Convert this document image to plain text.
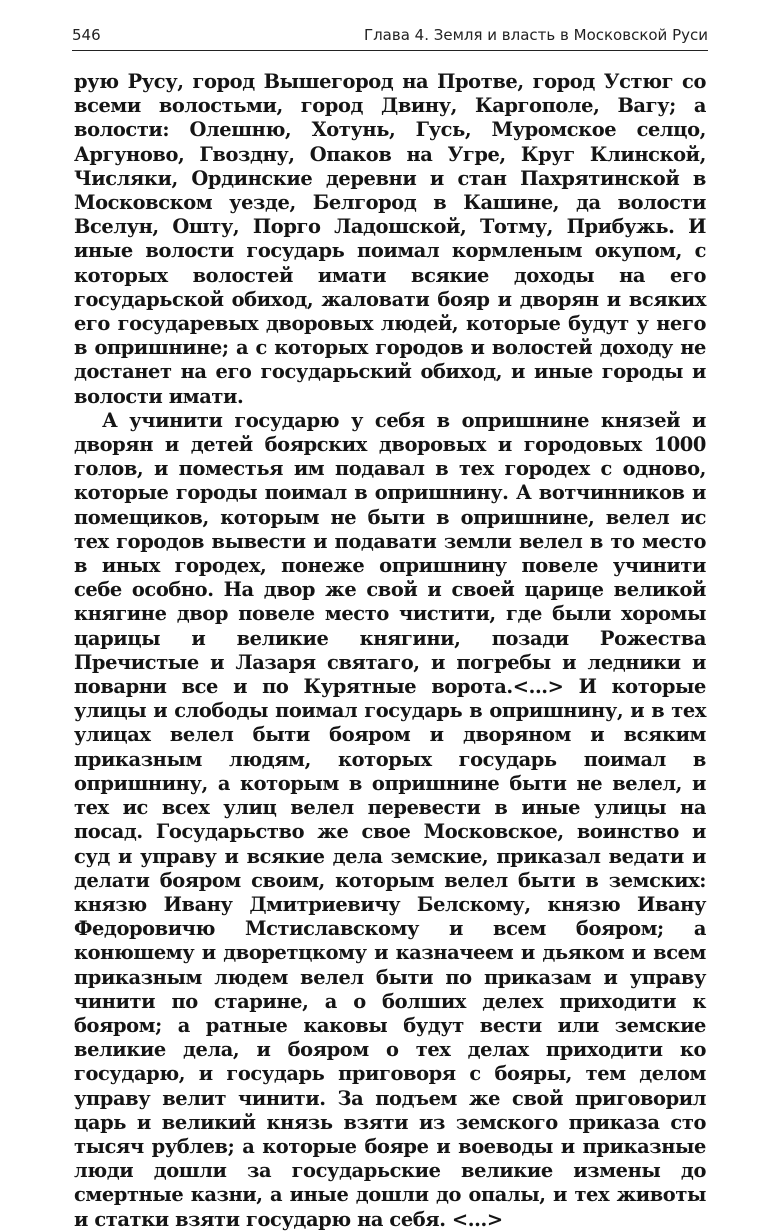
546	Глава 4. Земля и власть в Московской Руси

рую Русу, город Вышегород на Протве, город Устюг со всеми волостьми, город Двину, Каргополе, Вагу; а волости: Олешню, Хотунь, Гусь, Муромское селцо, Аргуново, Гвоздну, Опаков на Угре, Круг Клинской, Числяки, Ординские деревни и стан Пахрятинской в Московском уезде, Белгород в Кашине, да волости Вселун, Ошту, Порго Ладошской, Тотму, Прибужь. И иные волости государь поимал кормленым окупом, с которых волостей имати всякие доходы на его государьской обиход, жаловати бояр и дворян и всяких его государевых дворовых людей, которые будут у него в опришнине; а с которых городов и волостей доходу не достанет на его государьский обиход, и иные городы и волости имати.

А учинити государю у себя в опришнине князей и дворян и детей боярских дворовых и городовых 1000 голов, и поместья им подавал в тех городех с одново, которые городы поимал в опришнину. А вотчинников и помещиков, которым не быти в опришнине, велел ис тех городов вывести и подавати земли велел в то место в иных городех, понеже опришнину повеле учинити себе особно. На двор же свой и своей царице великой княгине двор повеле место чистити, где были хоромы царицы и великие княгини, позади Рожества Пречистые и Лазаря святаго, и погребы и ледники и поварни все и по Курятные ворота.<...> И которые улицы и слободы поимал государь в опришнину, и в тех улицах велел быти бояром и дворяном и всяким приказным людям, которых государь поимал в опришнину, а которым в опришнине быти не велел, и тех ис всех улиц велел перевести в иные улицы на посад. Государьство же свое Московское, воинство и суд и управу и всякие дела земские, приказал ведати и делати бояром своим, которым велел быти в земских: князю Ивану Дмитриевичу Белскому, князю Ивану Федоровичю Мстиславскому и всем бояром; а конюшему и дворетцкому и казначеем и дьяком и всем приказным людем велел быти по приказам и управу чинити по старине, а о болших делех приходити к бояром; а ратные каковы будут вести или земские великие дела, и бояром о тех делах приходити ко государю, и государь приговоря с бояры, тем делом управу велит чинити. За подъем же свой приговорил царь и великий князь взяти из земского приказа сто тысяч рублев; а которые бояре и воеводы и приказные люди дошли за государьские великие измены до смертные казни, а иные дошли до опалы, и тех животы и статки взяти государю на себя. <...>
